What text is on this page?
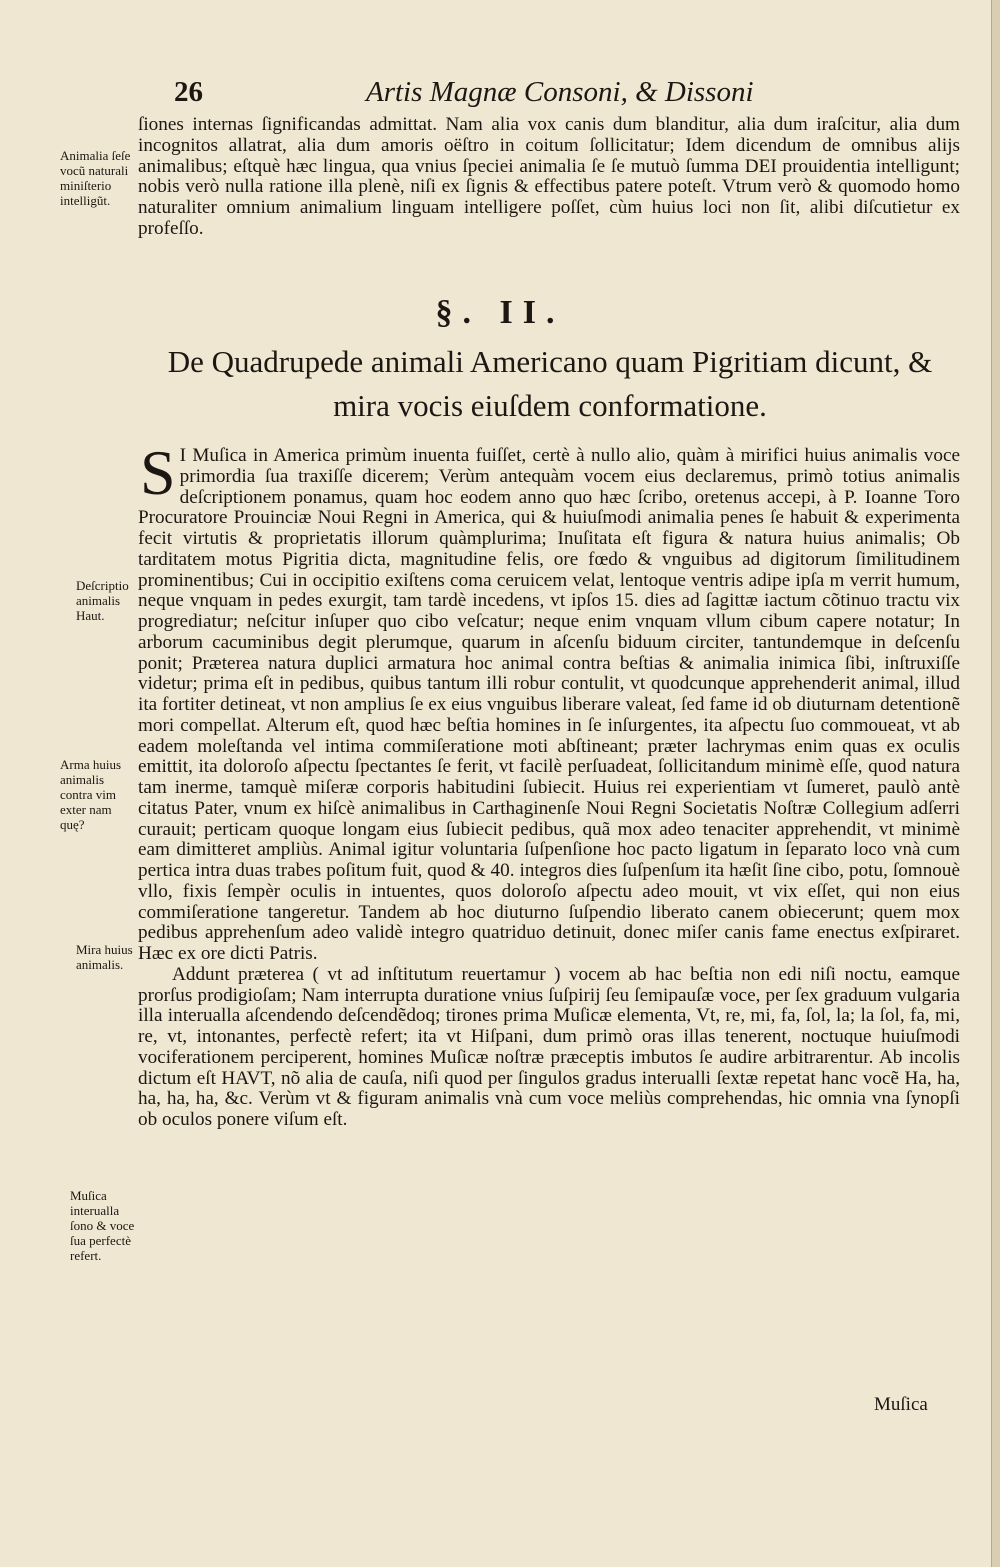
26	Artis Magnæ Consoni, & Dissoni

ſiones internas ſignificandas admittat. Nam alia vox canis dum blanditur, alia dum iraſcitur, alia dum incognitos allatrat, alia dum amoris oëſtro in coitum ſollicitatur; Idem dicendum de omnibus alijs animalibus; eſtquè hæc lingua, qua vnius ſpeciei animalia ſe ſe mutuò ſumma DEI prouidentia intelligunt; nobis verò nulla ratione illa plenè, niſi ex ſignis & effectibus patere poteſt. Vtrum verò & quomodo homo naturaliter omnium animalium linguam intelligere poſſet, cùm huius loci non ſit, alibi diſcutietur ex profeſſo.

§. II.
De Quadrupede animali Americano quam Pigritiam dicunt, & mira vocis eiuſdem conformatione.

S I Muſica in America primùm inuenta fuiſſet, certè à nullo alio, quàm à mirifici huius animalis voce primordia ſua traxiſſe dicerem; Verùm antequàm vocem eius declaremus, primò totius animalis deſcriptionem ponamus, quam hoc eodem anno quo hæc ſcribo, oretenus accepi, à P. Ioanne Toro Procuratore Prouinciæ Noui Regni in America, qui & huiuſmodi animalia penes ſe habuit & experimenta fecit virtutis & proprietatis illorum quàmplurima; Inuſitata eſt figura & natura huius animalis; Ob tarditatem motus Pigritia dicta, magnitudine felis, ore fœdo & vnguibus ad digitorum ſimilitudinem prominentibus; Cui in occipitio exiſtens coma ceruicem velat, lentoque ventris adipe ipſa m verrit humum, neque vnquam in pedes exurgit, tam tardè incedens, vt ipſos 15. dies ad ſagittæ iactum cõtinuo tractu vix progrediatur; neſcitur inſuper quo cibo veſcatur; neque enim vnquam vllum cibum capere notatur; In arborum cacuminibus degit plerumque, quarum in aſcenſu biduum circiter, tantundemque in deſcenſu ponit; Præterea natura duplici armatura hoc animal contra beſtias & animalia inimica ſibi, inſtruxiſſe videtur; prima eſt in pedibus, quibus tantum illi robur contulit, vt quodcunque apprehenderit animal, illud ita fortiter detineat, vt non amplius ſe ex eius vnguibus liberare valeat, ſed fame id ob diuturnam detentionẽ mori compellat. Alterum eſt, quod hæc beſtia homines in ſe inſurgentes, ita aſpectu ſuo commoueat, vt ab eadem moleſtanda vel intima commiſeratione moti abſtineant; præter lachrymas enim quas ex oculis emittit, ita doloroſo aſpectu ſpectantes ſe ferit, vt facilè perſuadeat, ſollicitandum minimè eſſe, quod natura tam inerme, tamquè miſeræ corporis habitudini ſubiecit. Huius rei experientiam vt ſumeret, paulò antè citatus Pater, vnum ex hiſcè animalibus in Carthaginenſe Noui Regni Societatis Noſtræ Collegium adſerri curauit; perticam quoque longam eius ſubiecit pedibus, quã mox adeo tenaciter apprehendit, vt minimè eam dimitteret ampliùs. Animal igitur voluntaria ſuſpenſione hoc pacto ligatum in ſeparato loco vnà cum pertica intra duas trabes poſitum fuit, quod & 40. integros dies ſuſpenſum ita hæſit ſine cibo, potu, ſomnouè vllo, fixis ſempèr oculis in intuentes, quos doloroſo aſpectu adeo mouit, vt vix eſſet, qui non eius commiſeratione tangeretur. Tandem ab hoc diuturno ſuſpendio liberato canem obiecerunt; quem mox pedibus apprehenſum adeo validè integro quatriduo detinuit, donec miſer canis fame enectus exſpiraret. Hæc ex ore dicti Patris.

Addunt præterea ( vt ad inſtitutum reuertamur ) vocem ab hac beſtia non edi niſi noctu, eamque prorſus prodigioſam; Nam interrupta duratione vnius ſuſpirij ſeu ſemipauſæ voce, per ſex graduum vulgaria illa interualla aſcendendo deſcendẽdoq; tirones prima Muſicæ elementa, Vt, re, mi, fa, ſol, la; la ſol, fa, mi, re, vt, intonantes, perfectè refert; ita vt Hiſpani, dum primò oras illas tenerent, noctuque huiuſmodi vociferationem perciperent, homines Muſicæ noſtræ præceptis imbutos ſe audire arbitrarentur. Ab incolis dictum eſt HAVT, nõ alia de cauſa, niſi quod per ſingulos gradus interualli ſextæ repetat hanc vocẽ Ha, ha, ha, ha, ha, &c. Verùm vt & figuram animalis vnà cum voce meliùs comprehendas, hic omnia vna ſynopſi ob oculos ponere viſum eſt.

Animalia ſeſe vocũ naturali miniſterio intelligũt.
Deſcriptio animalis Haut.
Arma huius animalis contra vim exter nam quę?
Mira huius animalis.
Muſica interualla ſono & voce ſua perfectè refert.
Muſica
